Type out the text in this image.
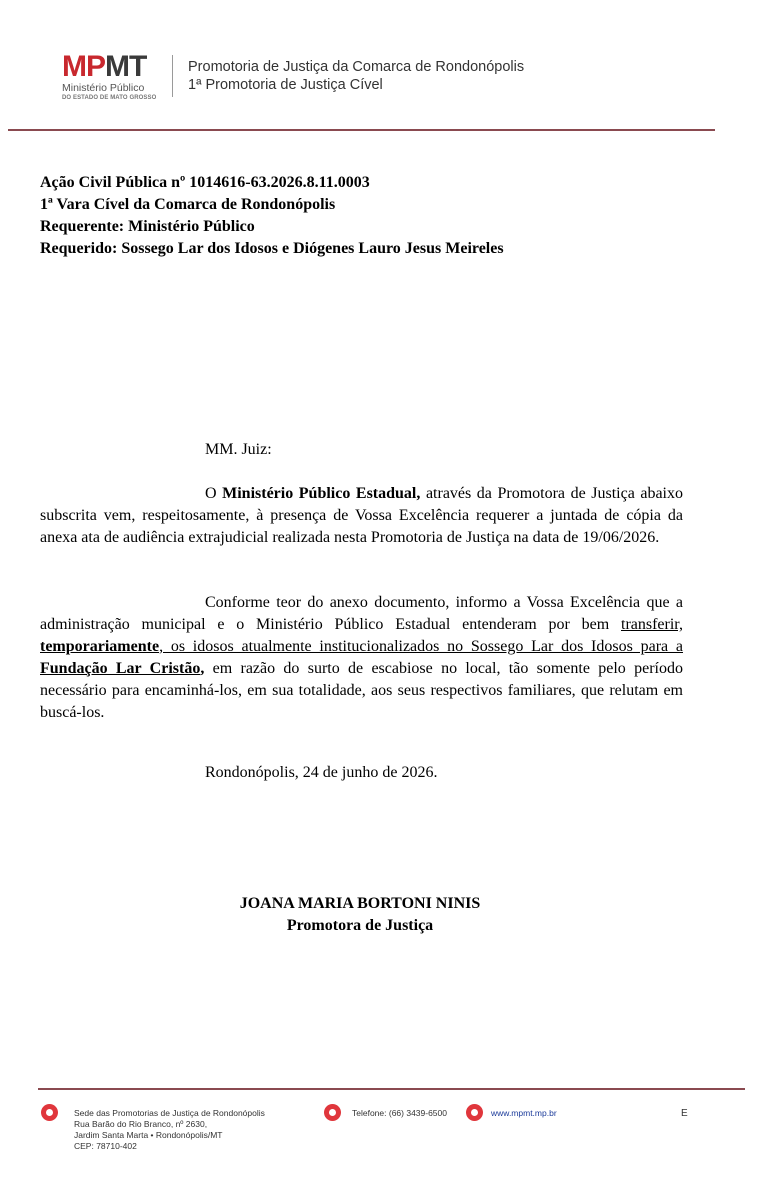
MPMT
Ministério Público
DO ESTADO DE MATO GROSSO
Promotoria de Justiça da Comarca de Rondonópolis
1ª Promotoria de Justiça Cível
Ação Civil Pública nº 1014616-63.2026.8.11.0003
1ª Vara Cível da Comarca de Rondonópolis
Requerente: Ministério Público
Requerido: Sossego Lar dos Idosos e Diógenes Lauro Jesus Meireles
MM. Juiz:
O Ministério Público Estadual, através da Promotora de Justiça abaixo subscrita vem, respeitosamente, à presença de Vossa Excelência requerer a juntada de cópia da anexa ata de audiência extrajudicial realizada nesta Promotoria de Justiça na data de 19/06/2026.
Conforme teor do anexo documento, informo a Vossa Excelência que a administração municipal e o Ministério Público Estadual entenderam por bem transferir, temporariamente, os idosos atualmente institucionalizados no Sossego Lar dos Idosos para a Fundação Lar Cristão, em razão do surto de escabiose no local, tão somente pelo período necessário para encaminhá-los, em sua totalidade, aos seus respectivos familiares, que relutam em buscá-los.
Rondonópolis, 24 de junho de 2026.
JOANA MARIA BORTONI NINIS
Promotora de Justiça
Sede das Promotorias de Justiça de Rondonópolis
Rua Barão do Rio Branco, nº 2630,
Jardim Santa Marta • Rondonópolis/MT
CEP: 78710-402
Telefone: (66) 3439-6500	www.mpmt.mp.br	E
